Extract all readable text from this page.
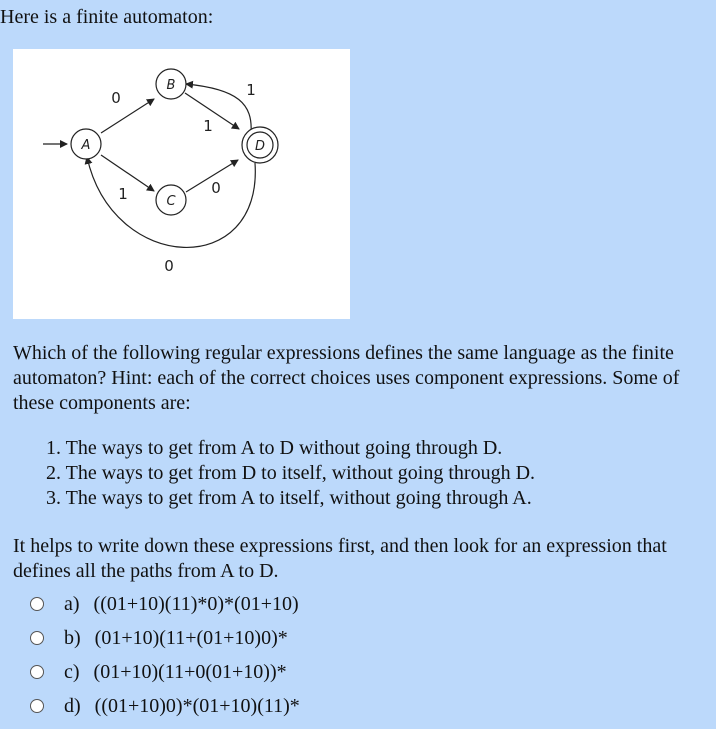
Here is a finite automaton:
A
B
C
D
0
1
1
1	0
0
Which of the following regular expressions defines the same language as the finite automaton? Hint: each of the correct choices uses component expressions. Some of these components are:
1. The ways to get from A to D without going through D.
2. The ways to get from D to itself, without going through D.
3. The ways to get from A to itself, without going through A.
It helps to write down these expressions first, and then look for an expression that defines all the paths from A to D.
a) ((01+10)(11)*0)*(01+10)
b) (01+10)(11+(01+10)0)*
c) (01+10)(11+0(01+10))*
d) ((01+10)0)*(01+10)(11)*
